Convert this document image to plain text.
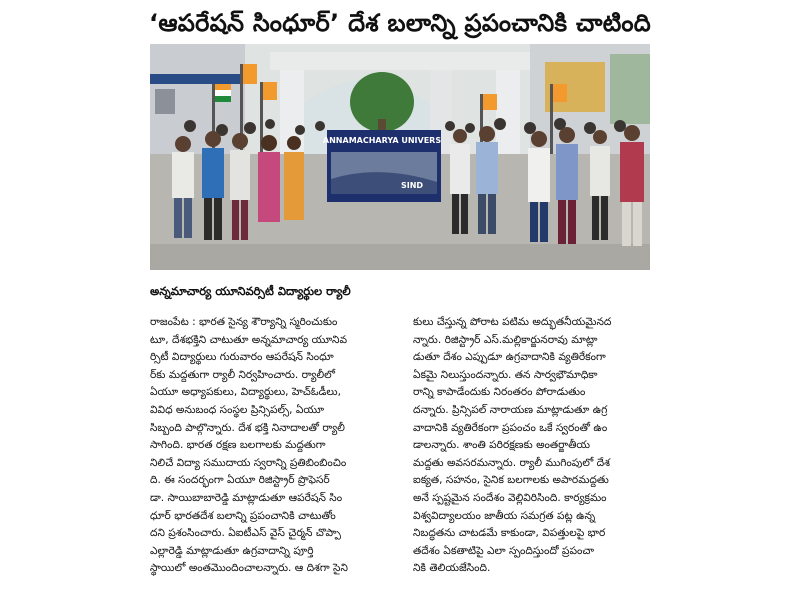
‘ఆపరేషన్ సింధూర్’ దేశ బలాన్ని ప్రపంచానికి చాటింది
ANNAMACHARYA UNIVERS
SIND
అన్నమాచార్య యూనివర్సిటీ విద్యార్థుల ర్యాలీ
రాజంపేట : భారత సైన్య శౌర్యాన్ని స్మరించుకుం
టూ, దేశభక్తిని చాటుతూ అన్నమాచార్య యూనివ
ర్సిటీ విద్యార్థులు గురువారం ఆపరేషన్ సింధూ
ర్‌కు మద్దతుగా ర్యాలీ నిర్వహించారు. ర్యాలీలో
ఏయూ అధ్యాపకులు, విద్యార్థులు, హెచ్‌ఓడీలు,
వివిధ అనుబంధ సంస్థల ప్రిన్సిపల్స్, ఏయూ
సిబ్బంది పాల్గొన్నారు. దేశ భక్తి నినాదాలతో ర్యాలీ
సాగింది. భారత రక్షణ బలగాలకు మద్దతుగా
నిలిచే విద్యా సముదాయ స్వరాన్ని ప్రతిబింబించిం
ది. ఈ సందర్భంగా ఏయూ రిజిస్ట్రార్ ప్రొఫెసర్
డా. సాయిబాబారెడ్డి మాట్లాడుతూ ఆపరేషన్ సిం
ధూర్ భారతదేశ బలాన్ని ప్రపంచానికి చాటుతోం
దని ప్రశంసించారు. ఏఐటీఎస్ వైస్ చైర్మన్ చొప్పా
ఎల్లారెడ్డి మాట్లాడుతూ ఉగ్రవాదాన్ని పూర్తి
స్థాయిలో అంతమొందించాలన్నారు. ఆ దిశగా సైని
కులు చేస్తున్న పోరాట పటిమ అద్భుతనీయమైనద
న్నారు. రిజిస్ట్రార్ ఎస్.మల్లికార్జునరావు మాట్లా
డుతూ దేశం ఎప్పుడూ ఉగ్రవాదానికి వ్యతిరేకంగా
ఏకమై నిలుస్తుందన్నారు. తన సార్వభౌమాధికా
రాన్ని కాపాడేందుకు నిరంతరం పోరాడుతుం
దన్నారు. ప్రిన్సిపల్ నారాయణ మాట్లాడుతూ ఉగ్ర
వాదానికి వ్యతిరేకంగా ప్రపంచం ఒకే స్వరంతో ఉం
డాలన్నారు. శాంతి పరిరక్షణకు అంతర్జాతీయ
మద్దతు అవసరమన్నారు. ర్యాలీ ముగింపులో దేశ
ఐక్యత, సహనం, సైనిక బలగాలకు అపారమద్దతు
అనే స్పష్టమైన సందేశం వెల్లివిరిసింది. కార్యక్రమం
విశ్వవిద్యాలయం జాతీయ సమగ్రత పట్ల ఉన్న
నిబద్ధతను చాటడమే కాకుండా, విపత్తులపై భార
తదేశం ఏకతాటిపై ఎలా స్పందిస్తుందో ప్రపంచా
నికి తెలియజేసింది.
